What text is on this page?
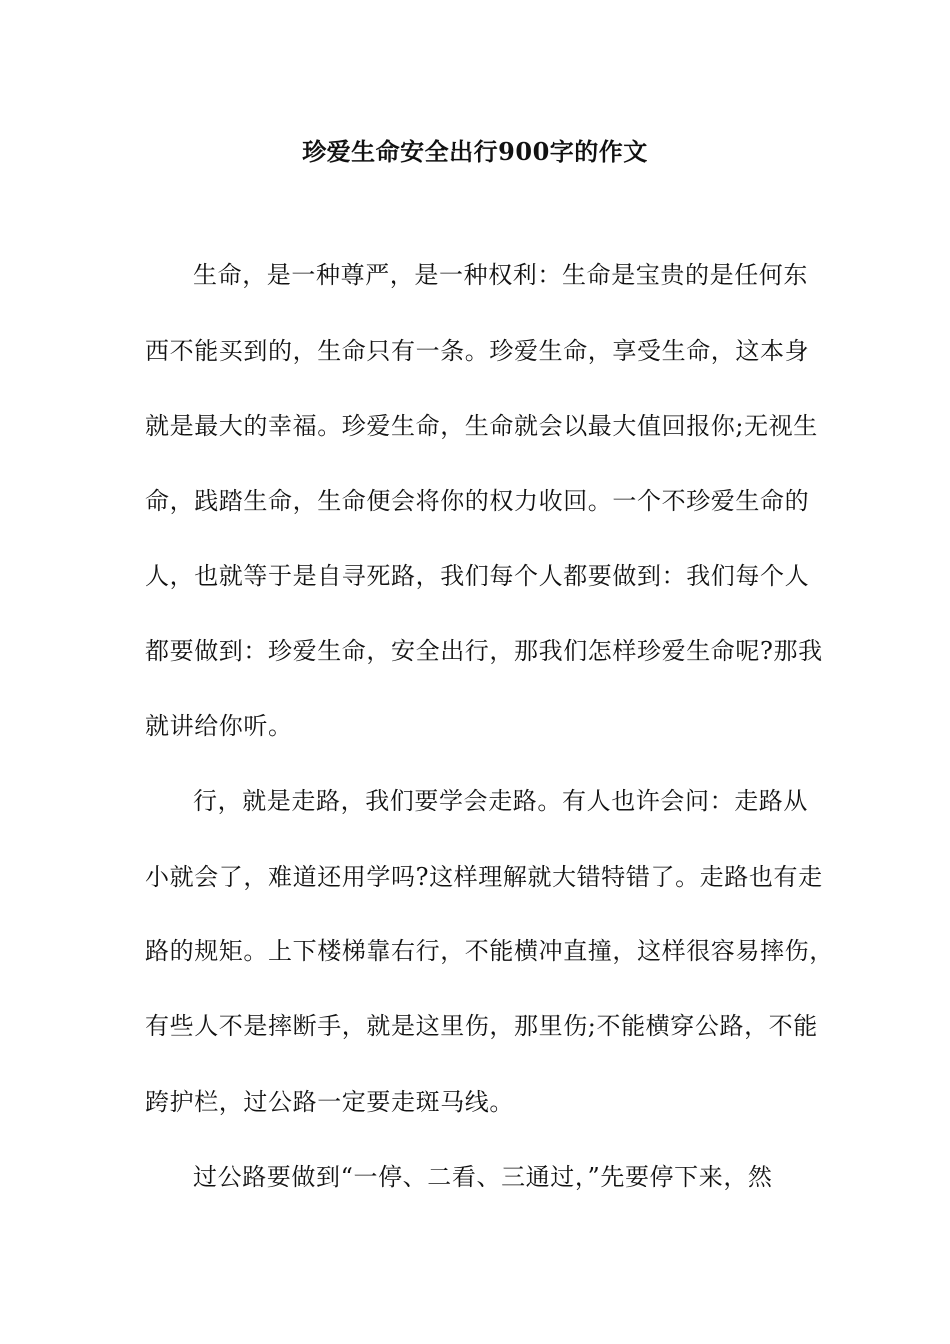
珍爱生命安全出行900字的作文
生命，是一种尊严，是一种权利：生命是宝贵的是任何东
西不能买到的，生命只有一条。珍爱生命，享受生命，这本身
就是最大的幸福。珍爱生命，生命就会以最大值回报你;无视生
命，践踏生命，生命便会将你的权力收回。一个不珍爱生命的
人，也就等于是自寻死路，我们每个人都要做到：我们每个人
都要做到：珍爱生命，安全出行，那我们怎样珍爱生命呢?那我
就讲给你听。
行，就是走路，我们要学会走路。有人也许会问：走路从
小就会了，难道还用学吗?这样理解就大错特错了。走路也有走
路的规矩。上下楼梯靠右行，不能横冲直撞，这样很容易摔伤，
有些人不是摔断手，就是这里伤，那里伤;不能横穿公路，不能
跨护栏，过公路一定要走斑马线。
过公路要做到“一停、二看、三通过，”先要停下来，然
